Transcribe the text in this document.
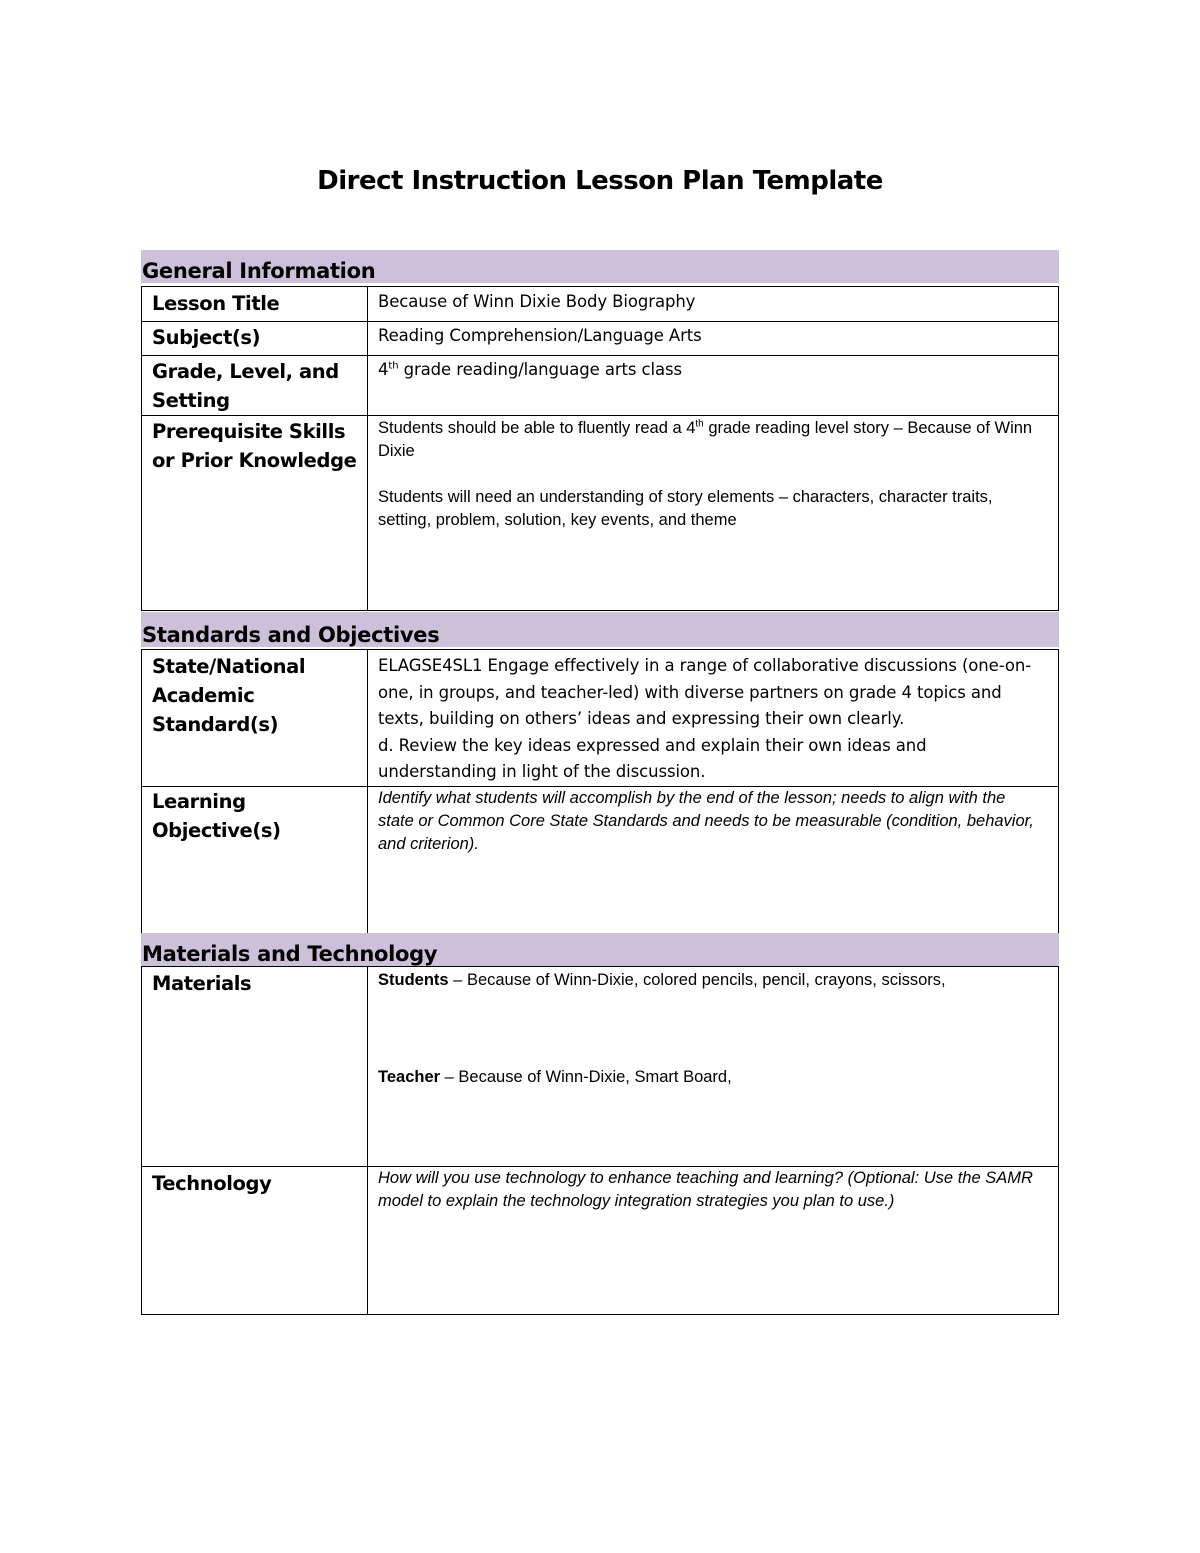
Direct Instruction Lesson Plan Template
General Information
Lesson Title	Because of Winn Dixie Body Biography
Subject(s)	Reading Comprehension/Language Arts
Grade, Level, and Setting	4th grade reading/language arts class
Prerequisite Skills or Prior Knowledge	Students should be able to fluently read a 4th grade reading level story – Because of Winn Dixie

Students will need an understanding of story elements – characters, character traits, setting, problem, solution, key events, and theme

Standards and Objectives
State/National Academic Standard(s)	ELAGSE4SL1 Engage effectively in a range of collaborative discussions (one-on-one, in groups, and teacher-led) with diverse partners on grade 4 topics and texts, building on others’ ideas and expressing their own clearly.

d. Review the key ideas expressed and explain their own ideas and understanding in light of the discussion.

Learning Objective(s)	Identify what students will accomplish by the end of the lesson; needs to align with the state or Common Core State Standards and needs to be measurable (condition, behavior, and criterion).
Materials and Technology
Materials	Students – Because of Winn-Dixie, colored pencils, pencil, crayons, scissors,

Teacher – Because of Winn-Dixie, Smart Board,

Technology	How will you use technology to enhance teaching and learning? (Optional: Use the SAMR model to explain the technology integration strategies you plan to use.)
